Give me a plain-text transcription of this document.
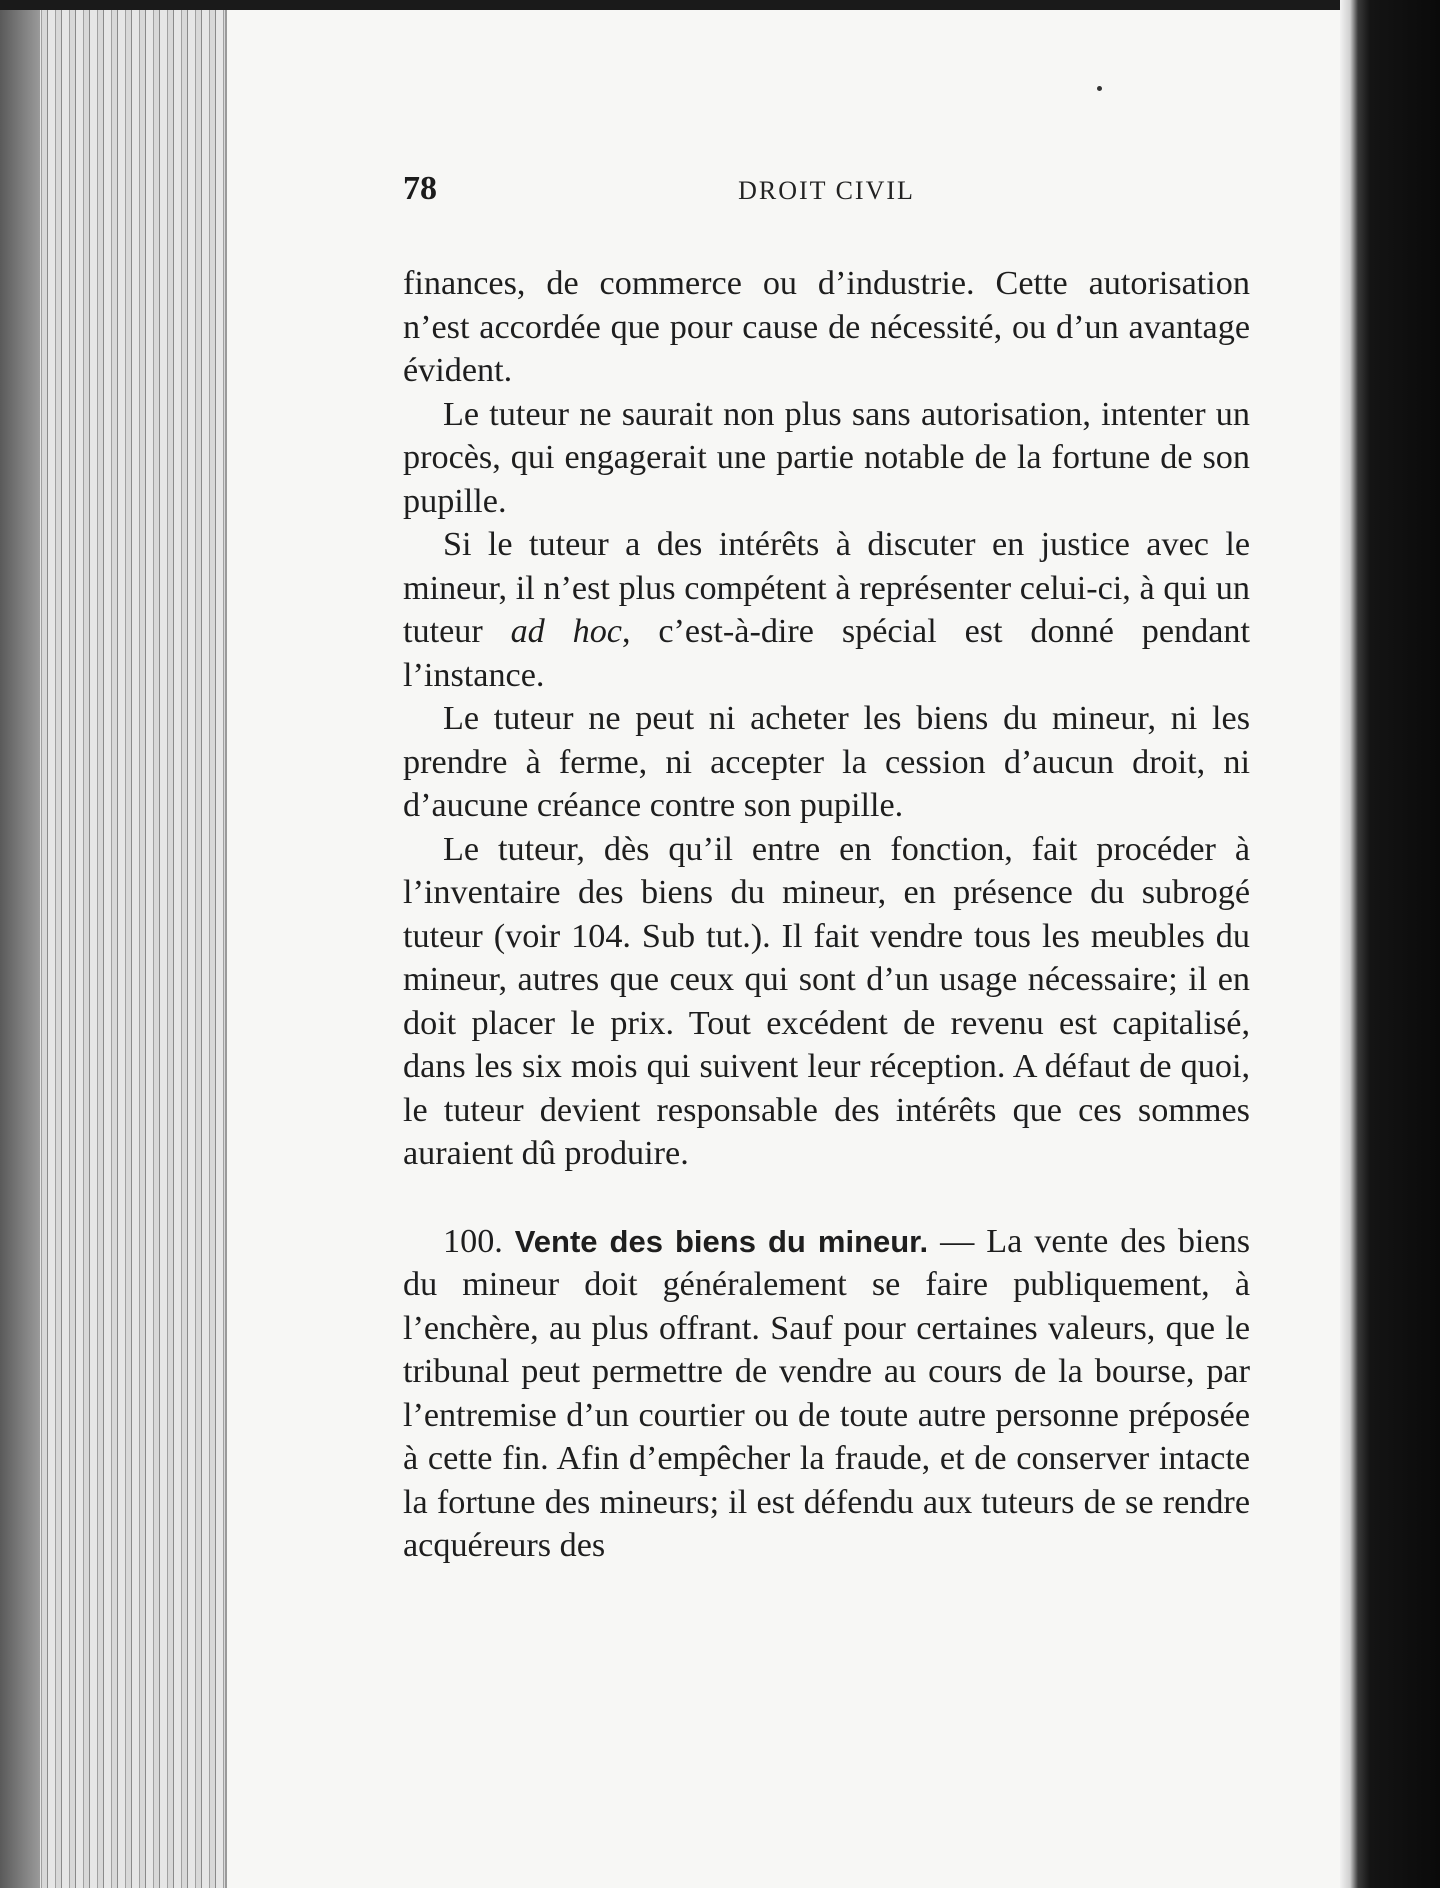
78	DROIT CIVIL

finances, de commerce ou d’industrie. Cette autorisation n’est accordée que pour cause de nécessité, ou d’un avantage évident.

Le tuteur ne saurait non plus sans autorisation, intenter un procès, qui engagerait une partie notable de la fortune de son pupille.

Si le tuteur a des intérêts à discuter en justice avec le mineur, il n’est plus compétent à représenter celui-ci, à qui un tuteur ad hoc, c’est-à-dire spécial est donné pendant l’instance.

Le tuteur ne peut ni acheter les biens du mineur, ni les prendre à ferme, ni accepter la cession d’aucun droit, ni d’aucune créance contre son pupille.

Le tuteur, dès qu’il entre en fonction, fait procéder à l’inventaire des biens du mineur, en présence du subrogé tuteur (voir 104. Sub tut.). Il fait vendre tous les meubles du mineur, autres que ceux qui sont d’un usage nécessaire; il en doit placer le prix. Tout excédent de revenu est capitalisé, dans les six mois qui suivent leur réception. A défaut de quoi, le tuteur devient responsable des intérêts que ces sommes auraient dû produire.

100. Vente des biens du mineur. — La vente des biens du mineur doit généralement se faire publiquement, à l’enchère, au plus offrant. Sauf pour certaines valeurs, que le tribunal peut permettre de vendre au cours de la bourse, par l’entremise d’un courtier ou de toute autre personne préposée à cette fin. Afin d’empêcher la fraude, et de conserver intacte la fortune des mineurs; il est défendu aux tuteurs de se rendre acquéreurs des
